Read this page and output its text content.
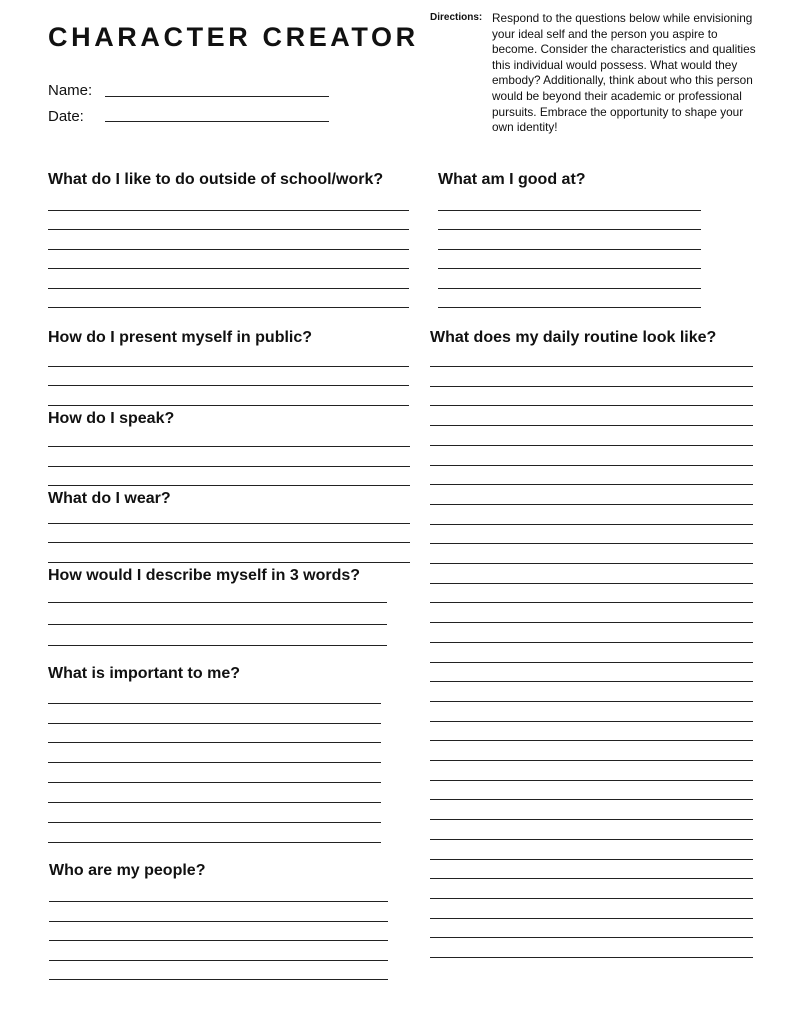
CHARACTER CREATOR
Name:
Date:
Directions: Respond to the questions below while envisioning your ideal self and the person you aspire to become. Consider the characteristics and qualities this individual would possess. What would they embody? Additionally, think about who this person would be beyond their academic or professional pursuits. Embrace the opportunity to shape your own identity!
What do I like to do outside of school/work?	What am I good at?
How do I present myself in public?	What does my daily routine look like?
How do I speak?
What do I wear?
How would I describe myself in 3 words?
What is important to me?
Who are my people?
